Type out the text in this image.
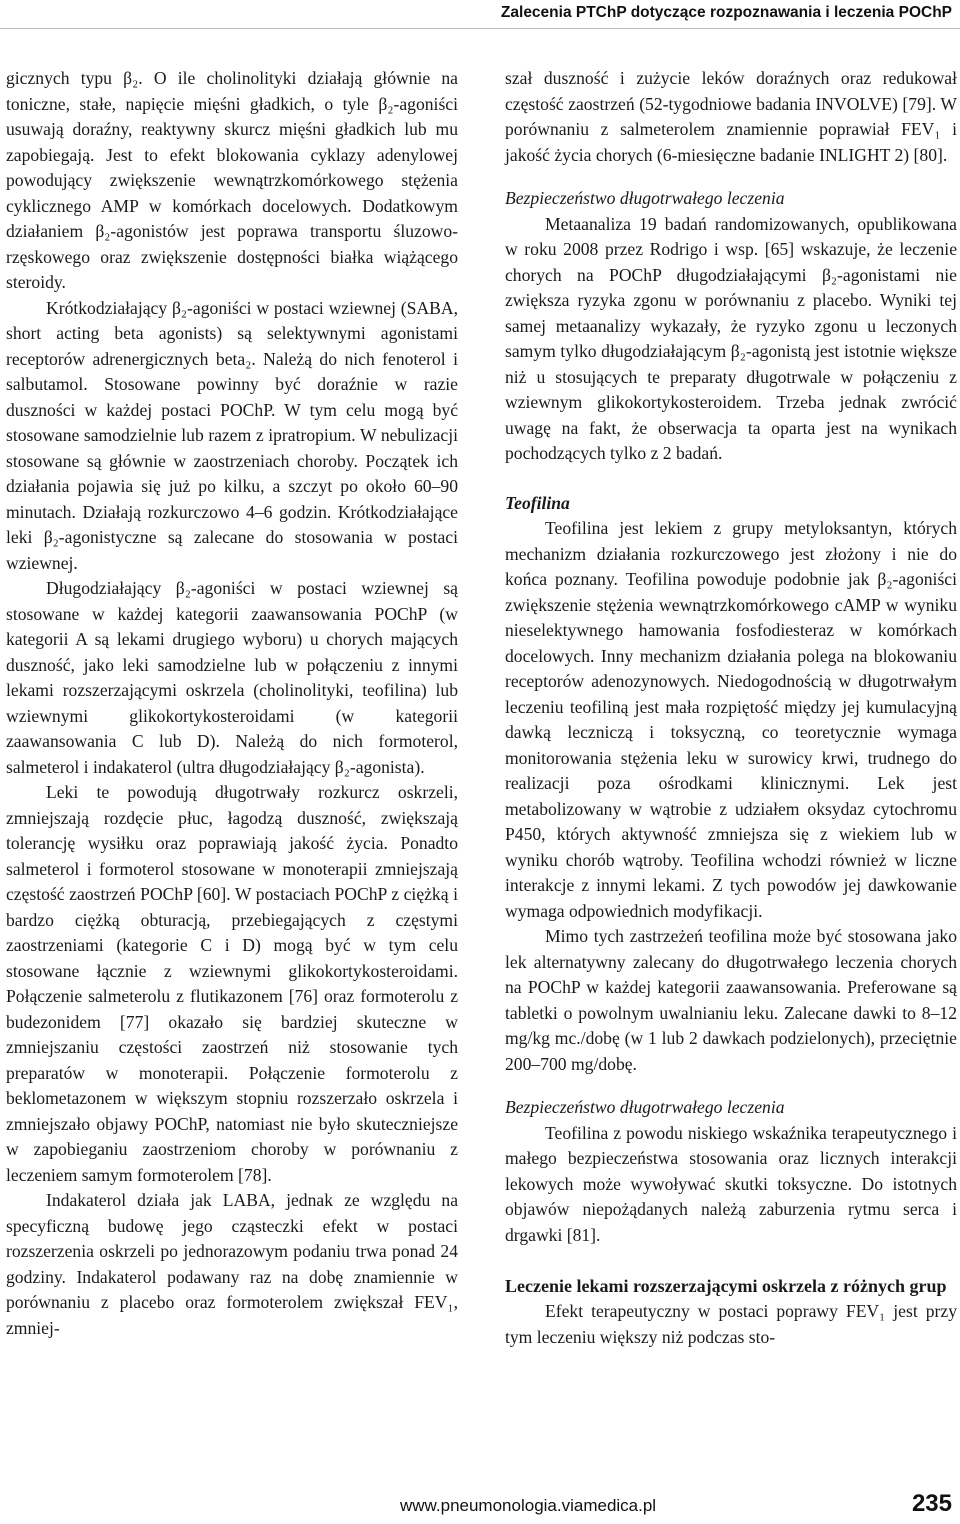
Zalecenia PTChP dotyczące rozpoznawania i leczenia POChP

gicznych typu β₂. O ile cholinolityki działają głównie na toniczne, stałe, napięcie mięśni gładkich, o tyle β₂-agoniści usuwają doraźny, reaktywny skurcz mięśni gładkich lub mu zapobiegają. Jest to efekt blokowania cyklazy adenylowej powodujący zwiększenie wewnątrzkomórkowego stężenia cyklicznego AMP w komórkach docelowych. Dodatkowym działaniem β₂-agonistów jest poprawa transportu śluzowo-rzęskowego oraz zwiększenie dostępności białka wiążącego steroidy.

Krótkodziałający β₂-agoniści w postaci wziewnej (SABA, short acting beta agonists) są selektywnymi agonistami receptorów adrenergicznych beta₂. Należą do nich fenoterol i salbutamol. Stosowane powinny być doraźnie w razie duszności w każdej postaci POChP. W tym celu mogą być stosowane samodzielnie lub razem z ipratropium. W nebulizacji stosowane są głównie w zaostrzeniach choroby. Początek ich działania pojawia się już po kilku, a szczyt po około 60–90 minutach. Działają rozkurczowo 4–6 godzin. Krótkodziałające leki β₂-agonistyczne są zalecane do stosowania w postaci wziewnej.

Długodziałający β₂-agoniści w postaci wziewnej są stosowane w każdej kategorii zaawansowania POChP (w kategorii A są lekami drugiego wyboru) u chorych mających duszność, jako leki samodzielne lub w połączeniu z innymi lekami rozszerzającymi oskrzela (cholinolityki, teofilina) lub wziewnymi glikokortykosteroidami (w kategorii zaawansowania C lub D). Należą do nich formoterol, salmeterol i indakaterol (ultra długodziałający β₂-agonista).

Leki te powodują długotrwały rozkurcz oskrzeli, zmniejszają rozdęcie płuc, łagodzą duszność, zwiększają tolerancję wysiłku oraz poprawiają jakość życia. Ponadto salmeterol i formoterol stosowane w monoterapii zmniejszają częstość zaostrzeń POChP [60]. W postaciach POChP z ciężką i bardzo ciężką obturacją, przebiegających z częstymi zaostrzeniami (kategorie C i D) mogą być w tym celu stosowane łącznie z wziewnymi glikokortykosteroidami. Połączenie salmeterolu z flutikazonem [76] oraz formoterolu z budezonidem [77] okazało się bardziej skuteczne w zmniejszaniu częstości zaostrzeń niż stosowanie tych preparatów w monoterapii. Połączenie formoterolu z beklometazonem w większym stopniu rozszerzało oskrzela i zmniejszało objawy POChP, natomiast nie było skuteczniejsze w zapobieganiu zaostrzeniom choroby w porównaniu z leczeniem samym formoterolem [78].

Indakaterol działa jak LABA, jednak ze względu na specyficzną budowę jego cząsteczki efekt w postaci rozszerzenia oskrzeli po jednorazowym podaniu trwa ponad 24 godziny. Indakaterol podawany raz na dobę znamiennie w porównaniu z placebo oraz formoterolem zwiększał FEV₁, zmniej-

szał duszność i zużycie leków doraźnych oraz redukował częstość zaostrzeń (52-tygodniowe badania INVOLVE) [79]. W porównaniu z salmeterolem znamiennie poprawiał FEV₁ i jakość życia chorych (6-miesięczne badanie INLIGHT 2) [80].

Bezpieczeństwo długotrwałego leczenia

Metaanaliza 19 badań randomizowanych, opublikowana w roku 2008 przez Rodrigo i wsp. [65] wskazuje, że leczenie chorych na POChP długodziałającymi β₂-agonistami nie zwiększa ryzyka zgonu w porównaniu z placebo. Wyniki tej samej metaanalizy wykazały, że ryzyko zgonu u leczonych samym tylko długodziałającym β₂-agonistą jest istotnie większe niż u stosujących te preparaty długotrwale w połączeniu z wziewnym glikokortykosteroidem. Trzeba jednak zwrócić uwagę na fakt, że obserwacja ta oparta jest na wynikach pochodzących tylko z 2 badań.

Teofilina

Teofilina jest lekiem z grupy metyloksantyn, których mechanizm działania rozkurczowego jest złożony i nie do końca poznany. Teofilina powoduje podobnie jak β₂-agoniści zwiększenie stężenia wewnątrzkomórkowego cAMP w wyniku nieselektywnego hamowania fosfodiesteraz w komórkach docelowych. Inny mechanizm działania polega na blokowaniu receptorów adenozynowych. Niedogodnością w długotrwałym leczeniu teofiliną jest mała rozpiętość między jej kumulacyjną dawką leczniczą i toksyczną, co teoretycznie wymaga monitorowania stężenia leku w surowicy krwi, trudnego do realizacji poza ośrodkami klinicznymi. Lek jest metabolizowany w wątrobie z udziałem oksydaz cytochromu P450, których aktywność zmniejsza się z wiekiem lub w wyniku chorób wątroby. Teofilina wchodzi również w liczne interakcje z innymi lekami. Z tych powodów jej dawkowanie wymaga odpowiednich modyfikacji.

Mimo tych zastrzeżeń teofilina może być stosowana jako lek alternatywny zalecany do długotrwałego leczenia chorych na POChP w każdej kategorii zaawansowania. Preferowane są tabletki o powolnym uwalnianiu leku. Zalecane dawki to 8–12 mg/kg mc./dobę (w 1 lub 2 dawkach podzielonych), przeciętnie 200–700 mg/dobę.

Bezpieczeństwo długotrwałego leczenia

Teofilina z powodu niskiego wskaźnika terapeutycznego i małego bezpieczeństwa stosowania oraz licznych interakcji lekowych może wywoływać skutki toksyczne. Do istotnych objawów niepożądanych należą zaburzenia rytmu serca i drgawki [81].

Leczenie lekami rozszerzającymi oskrzela z różnych grup

Efekt terapeutyczny w postaci poprawy FEV₁ jest przy tym leczeniu większy niż podczas sto-

www.pneumonologia.viamedica.pl	235
